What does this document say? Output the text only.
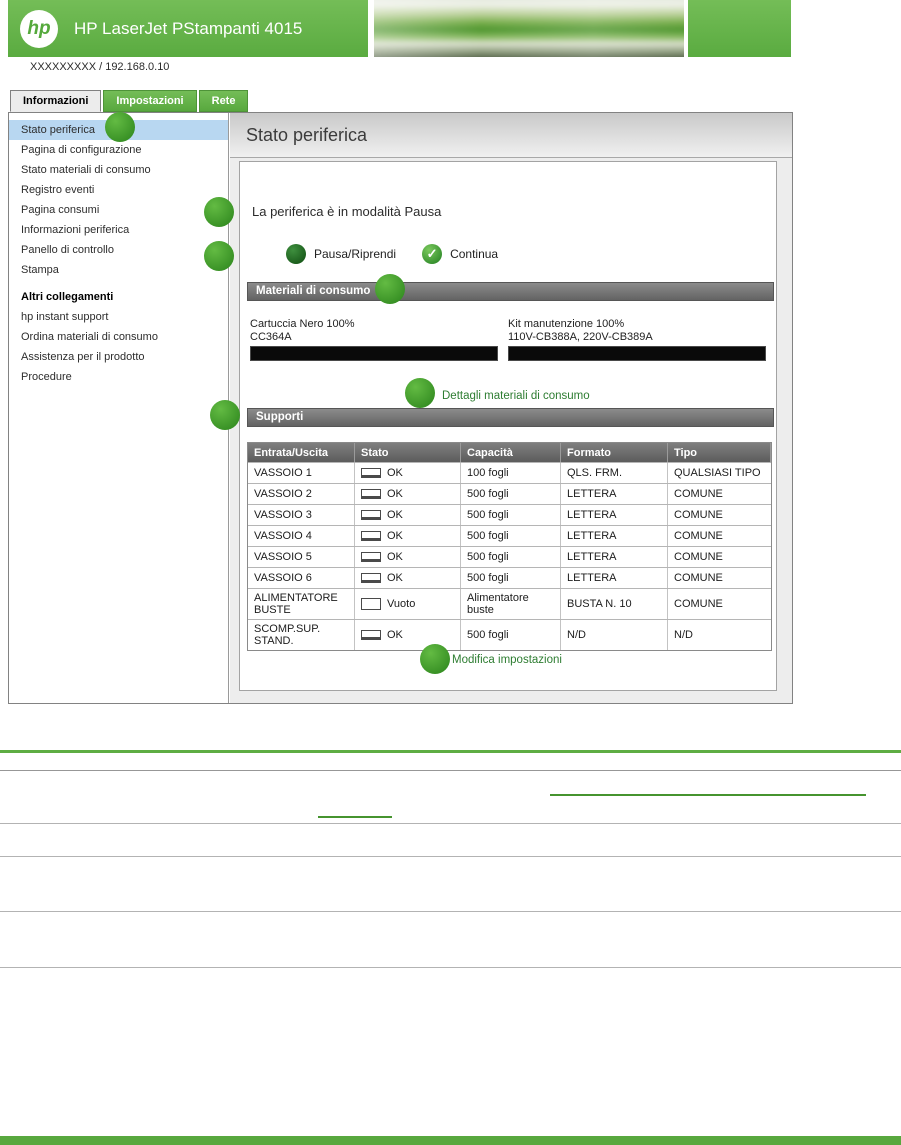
hp	HP LaserJet PStampanti 4015
XXXXXXXXX / 192.168.0.10
Informazioni	Impostazioni	Rete
Stato periferica
Pagina di configurazione
Stato materiali di consumo
Registro eventi
Pagina consumi
Informazioni periferica
Panello di controllo
Stampa
Altri collegamenti
hp instant support
Ordina materiali di consumo
Assistenza per il prodotto
Procedure
Stato periferica
La periferica è in modalità Pausa
Pausa/Riprendi ✓	Continua
Materiali di consumo
Cartuccia Nero 100%
CC364A
Kit manutenzione 100%
110V-CB388A, 220V-CB389A
Dettagli materiali di consumo
Supporti
Entrata/Uscita	Stato	Capacità	Formato	Tipo
VASSOIO 1	OK	100 fogli	QLS. FRM.	QUALSIASI TIPO
VASSOIO 2	OK	500 fogli	LETTERA	COMUNE
VASSOIO 3	OK	500 fogli	LETTERA	COMUNE
VASSOIO 4	OK	500 fogli	LETTERA	COMUNE
VASSOIO 5	OK	500 fogli	LETTERA	COMUNE
VASSOIO 6	OK	500 fogli	LETTERA	COMUNE
ALIMENTATORE BUSTE	Vuoto	Alimentatore buste	BUSTA N. 10	COMUNE
SCOMP.SUP. STAND.	OK	500 fogli	N/D	N/D
Modifica impostazioni
